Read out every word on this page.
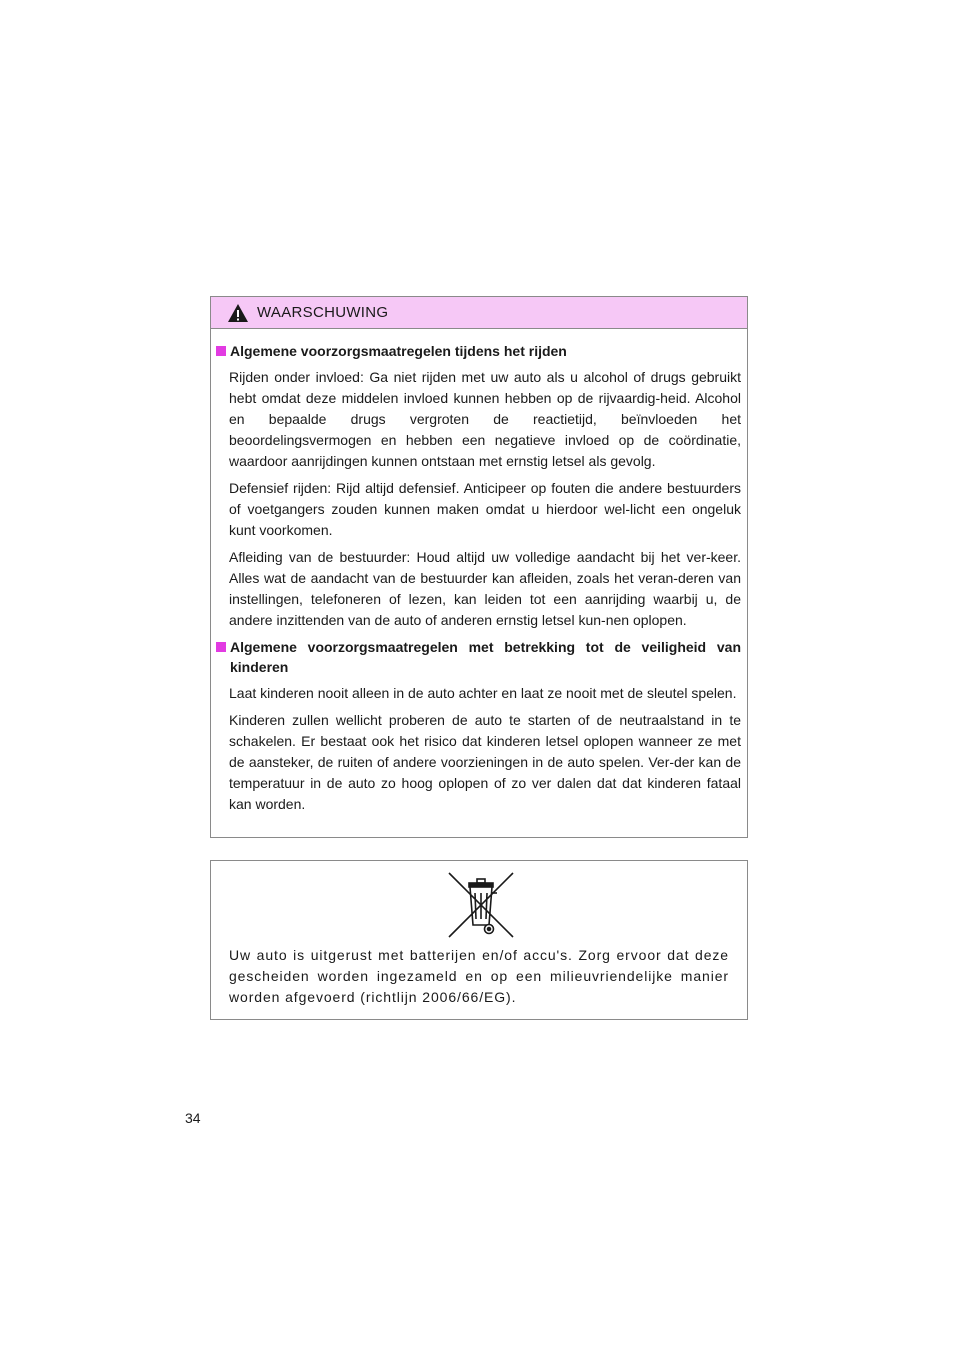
WAARSCHUWING
Algemene voorzorgsmaatregelen tijdens het rijden

Rijden onder invloed: Ga niet rijden met uw auto als u alcohol of drugs gebruikt hebt omdat deze middelen invloed kunnen hebben op de rijvaardig-heid. Alcohol en bepaalde drugs vergroten de reactietijd, beïnvloeden het beoordelingsvermogen en hebben een negatieve invloed op de coördinatie, waardoor aanrijdingen kunnen ontstaan met ernstig letsel als gevolg.

Defensief rijden: Rijd altijd defensief. Anticipeer op fouten die andere bestuurders of voetgangers zouden kunnen maken omdat u hierdoor wel-licht een ongeluk kunt voorkomen.

Afleiding van de bestuurder: Houd altijd uw volledige aandacht bij het ver-keer. Alles wat de aandacht van de bestuurder kan afleiden, zoals het veran-deren van instellingen, telefoneren of lezen, kan leiden tot een aanrijding waarbij u, de andere inzittenden van de auto of anderen ernstig letsel kun-nen oplopen.

Algemene voorzorgsmaatregelen met betrekking tot de veiligheid van kinderen

Laat kinderen nooit alleen in de auto achter en laat ze nooit met de sleutel spelen.

Kinderen zullen wellicht proberen de auto te starten of de neutraalstand in te schakelen. Er bestaat ook het risico dat kinderen letsel oplopen wanneer ze met de aansteker, de ruiten of andere voorzieningen in de auto spelen. Ver-der kan de temperatuur in de auto zo hoog oplopen of zo ver dalen dat dat kinderen fataal kan worden.

Uw auto is uitgerust met batterijen en/of accu's. Zorg ervoor dat deze gescheiden worden ingezameld en op een milieuvriendelijke manier worden afgevoerd (richtlijn 2006/66/EG).
34
